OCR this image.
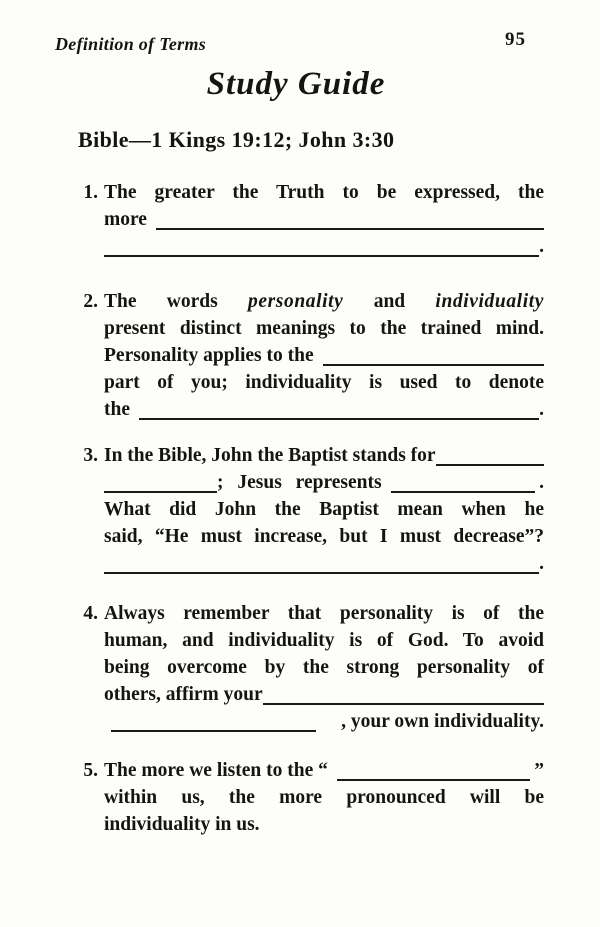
Definition of Terms	95
Study Guide
Bible—1 Kings 19:12; John 3:30
1. The greater the Truth to be expressed, the
more
.
2. The words personality and individuality
present distinct meanings to the trained mind.
Personality applies to the
part of you; individuality is used to denote
the	.
3. In the Bible, John the Baptist stands for
; Jesus represents	.
What did John the Baptist mean when he
said, “He must increase, but I must decrease”?
.
4. Always remember that personality is of the
human, and individuality is of God. To avoid
being overcome by the strong personality of
others, affirm your
, your own individuality.
5. The more we listen to the “	”
within us, the more pronounced will be
individuality in us.
